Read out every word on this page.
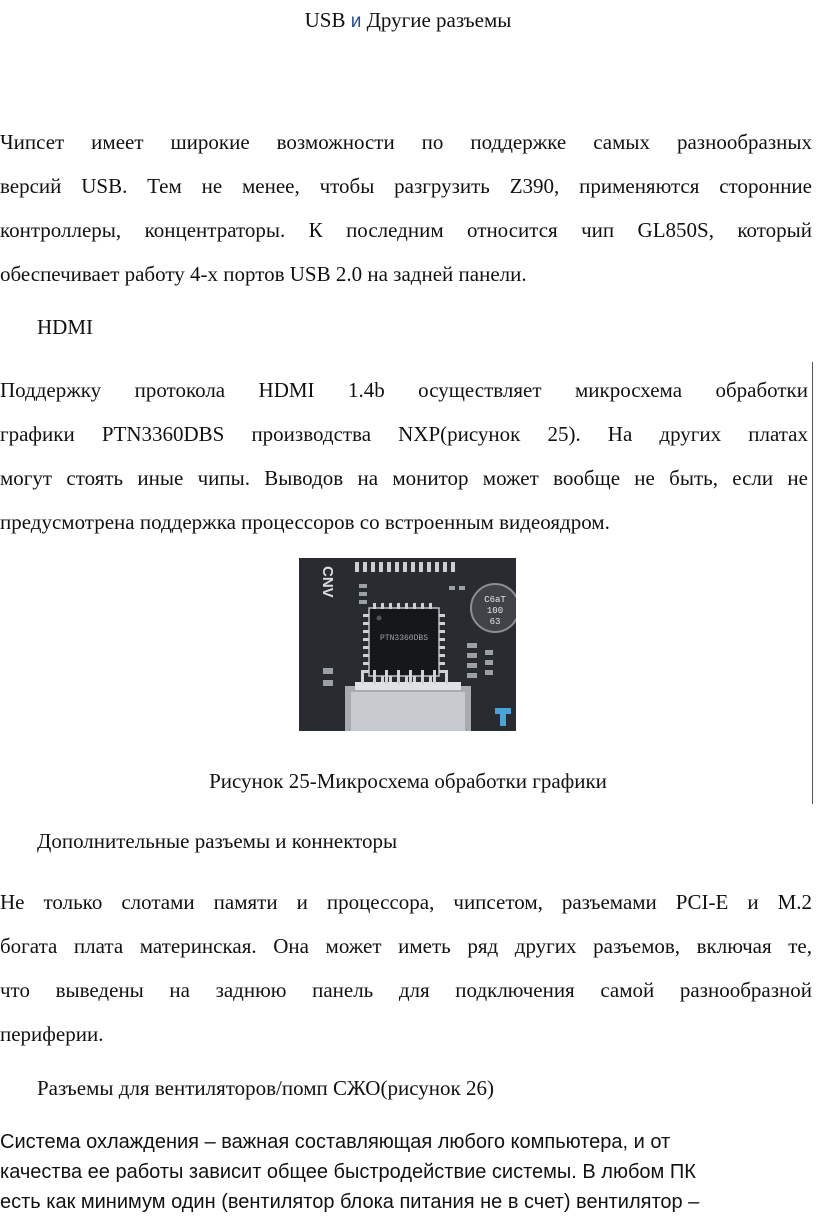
USB и Другие разъемы
Чипсет имеет широкие возможности по поддержке самых разнообразных
версий USB. Тем не менее, чтобы разгрузить Z390, применяются сторонние
контроллеры, концентраторы. К последним относится чип GL850S, который
обеспечивает работу 4-х портов USB 2.0 на задней панели.
HDMI
Поддержку протокола HDMI 1.4b осуществляет микросхема обработки
графики PTN3360DBS производства NXP(рисунок 25). На других платах
могут стоять иные чипы. Выводов на монитор может вообще не быть, если не
предусмотрена поддержка процессоров со встроенным видеоядром.
CNV
PTN3360DBS
C6aT
100
63
Рисунок 25-Микросхема обработки графики
Дополнительные разъемы и коннекторы
Не только слотами памяти и процессора, чипсетом, разъемами PCI-E и M.2
богата плата материнская. Она может иметь ряд других разъемов, включая те,
что выведены на заднюю панель для подключения самой разнообразной
периферии.
Разъемы для вентиляторов/помп СЖО(рисунок 26)
Система охлаждения – важная составляющая любого компьютера, и от
качества ее работы зависит общее быстродействие системы. В любом ПК
есть как минимум один (вентилятор блока питания не в счет) вентилятор –
